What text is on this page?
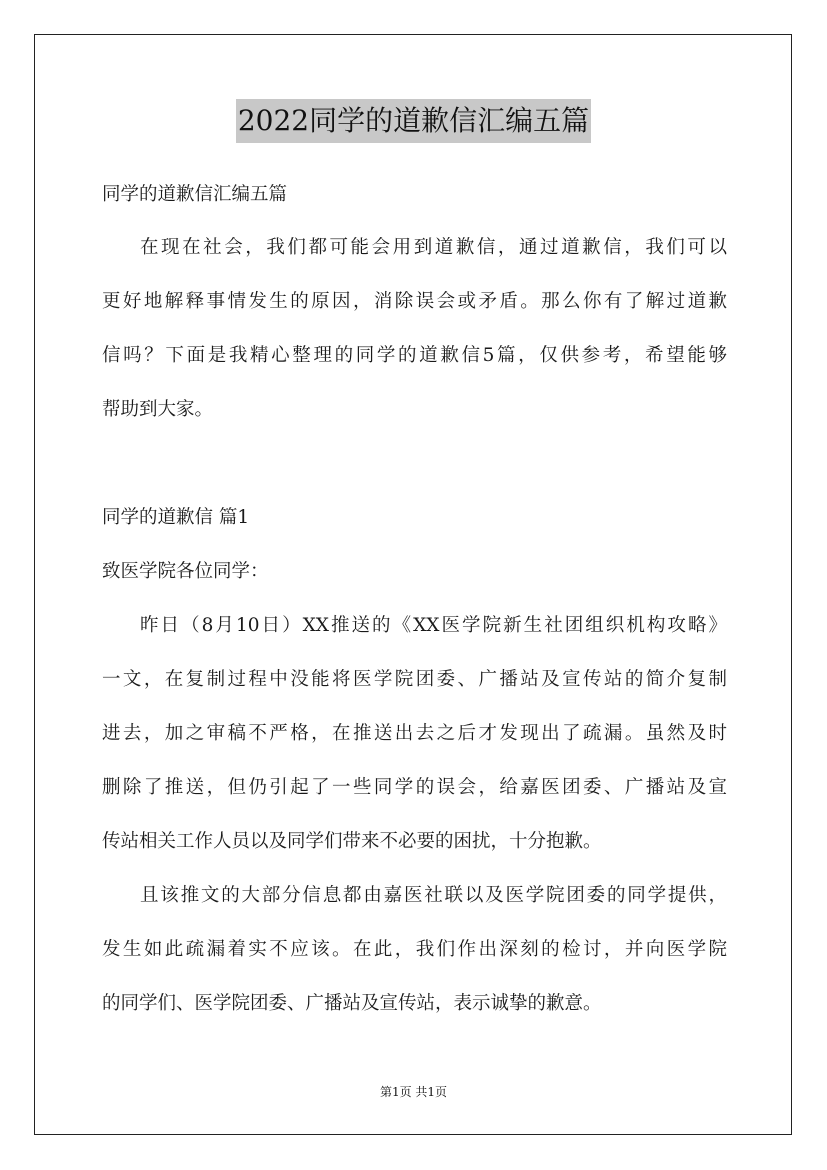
2022同学的道歉信汇编五篇
同学的道歉信汇编五篇
在现在社会，我们都可能会用到道歉信，通过道歉信，我们可以
更好地解释事情发生的原因，消除误会或矛盾。那么你有了解过道歉
信吗？下面是我精心整理的同学的道歉信5篇，仅供参考，希望能够
帮助到大家。
同学的道歉信 篇1
致医学院各位同学：
昨日（8月10日）XX推送的《XX医学院新生社团组织机构攻略》
一文，在复制过程中没能将医学院团委、广播站及宣传站的简介复制
进去，加之审稿不严格，在推送出去之后才发现出了疏漏。虽然及时
删除了推送，但仍引起了一些同学的误会，给嘉医团委、广播站及宣
传站相关工作人员以及同学们带来不必要的困扰，十分抱歉。
且该推文的大部分信息都由嘉医社联以及医学院团委的同学提供，
发生如此疏漏着实不应该。在此，我们作出深刻的检讨，并向医学院
的同学们、医学院团委、广播站及宣传站，表示诚挚的歉意。
第1页 共1页
